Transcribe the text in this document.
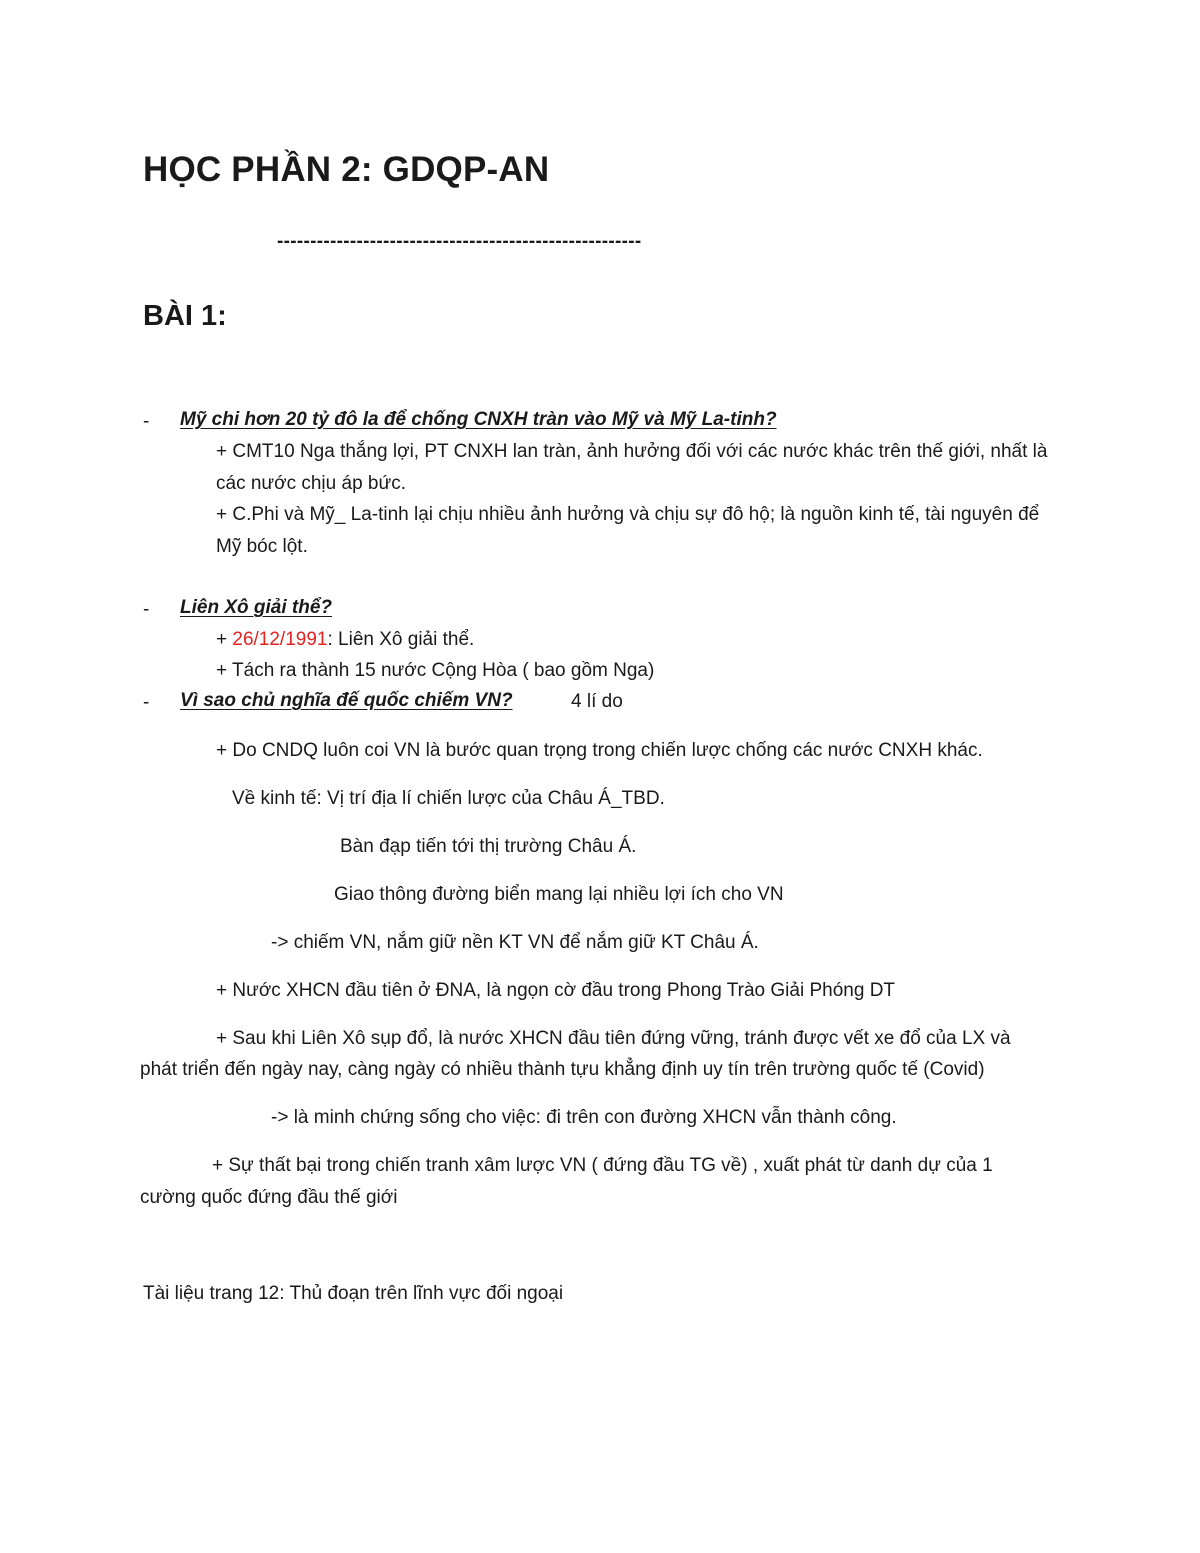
HỌC PHẦN 2: GDQP-AN
-------------------------------------------------------
BÀI 1:
- Mỹ chi hơn 20 tỷ đô la để chống CNXH tràn vào Mỹ và Mỹ La-tinh?
+ CMT10 Nga thắng lợi, PT CNXH lan tràn, ảnh hưởng đối với các nước khác trên thế giới, nhất là
các nước chịu áp bức.
+ C.Phi và Mỹ_ La-tinh lại chịu nhiều ảnh hưởng và chịu sự đô hộ; là nguồn kinh tế, tài nguyên để
Mỹ bóc lột.
- Liên Xô giải thể?
+ 26/12/1991: Liên Xô giải thể.
+ Tách ra thành 15 nước Cộng Hòa ( bao gồm Nga)
- Vì sao chủ nghĩa đế quốc chiếm VN?	4 lí do
+ Do CNDQ luôn coi VN là bước quan trọng trong chiến lược chống các nước CNXH khác.
Về kinh tế: Vị trí địa lí chiến lược của Châu Á_TBD.
Bàn đạp tiến tới thị trường Châu Á.
Giao thông đường biển mang lại nhiều lợi ích cho VN
-> chiếm VN, nắm giữ nền KT VN để nắm giữ KT Châu Á.
+ Nước XHCN đầu tiên ở ĐNA, là ngọn cờ đầu trong Phong Trào Giải Phóng DT
+ Sau khi Liên Xô sụp đổ, là nước XHCN đầu tiên đứng vững, tránh được vết xe đổ của LX và
phát triển đến ngày nay, càng ngày có nhiều thành tựu khẳng định uy tín trên trường quốc tế (Covid)
-> là minh chứng sống cho việc: đi trên con đường XHCN vẫn thành công.
+ Sự thất bại trong chiến tranh xâm lược VN ( đứng đầu TG về) , xuất phát từ danh dự của 1
cường quốc đứng đầu thế giới
Tài liệu trang 12: Thủ đoạn trên lĩnh vực đối ngoại
